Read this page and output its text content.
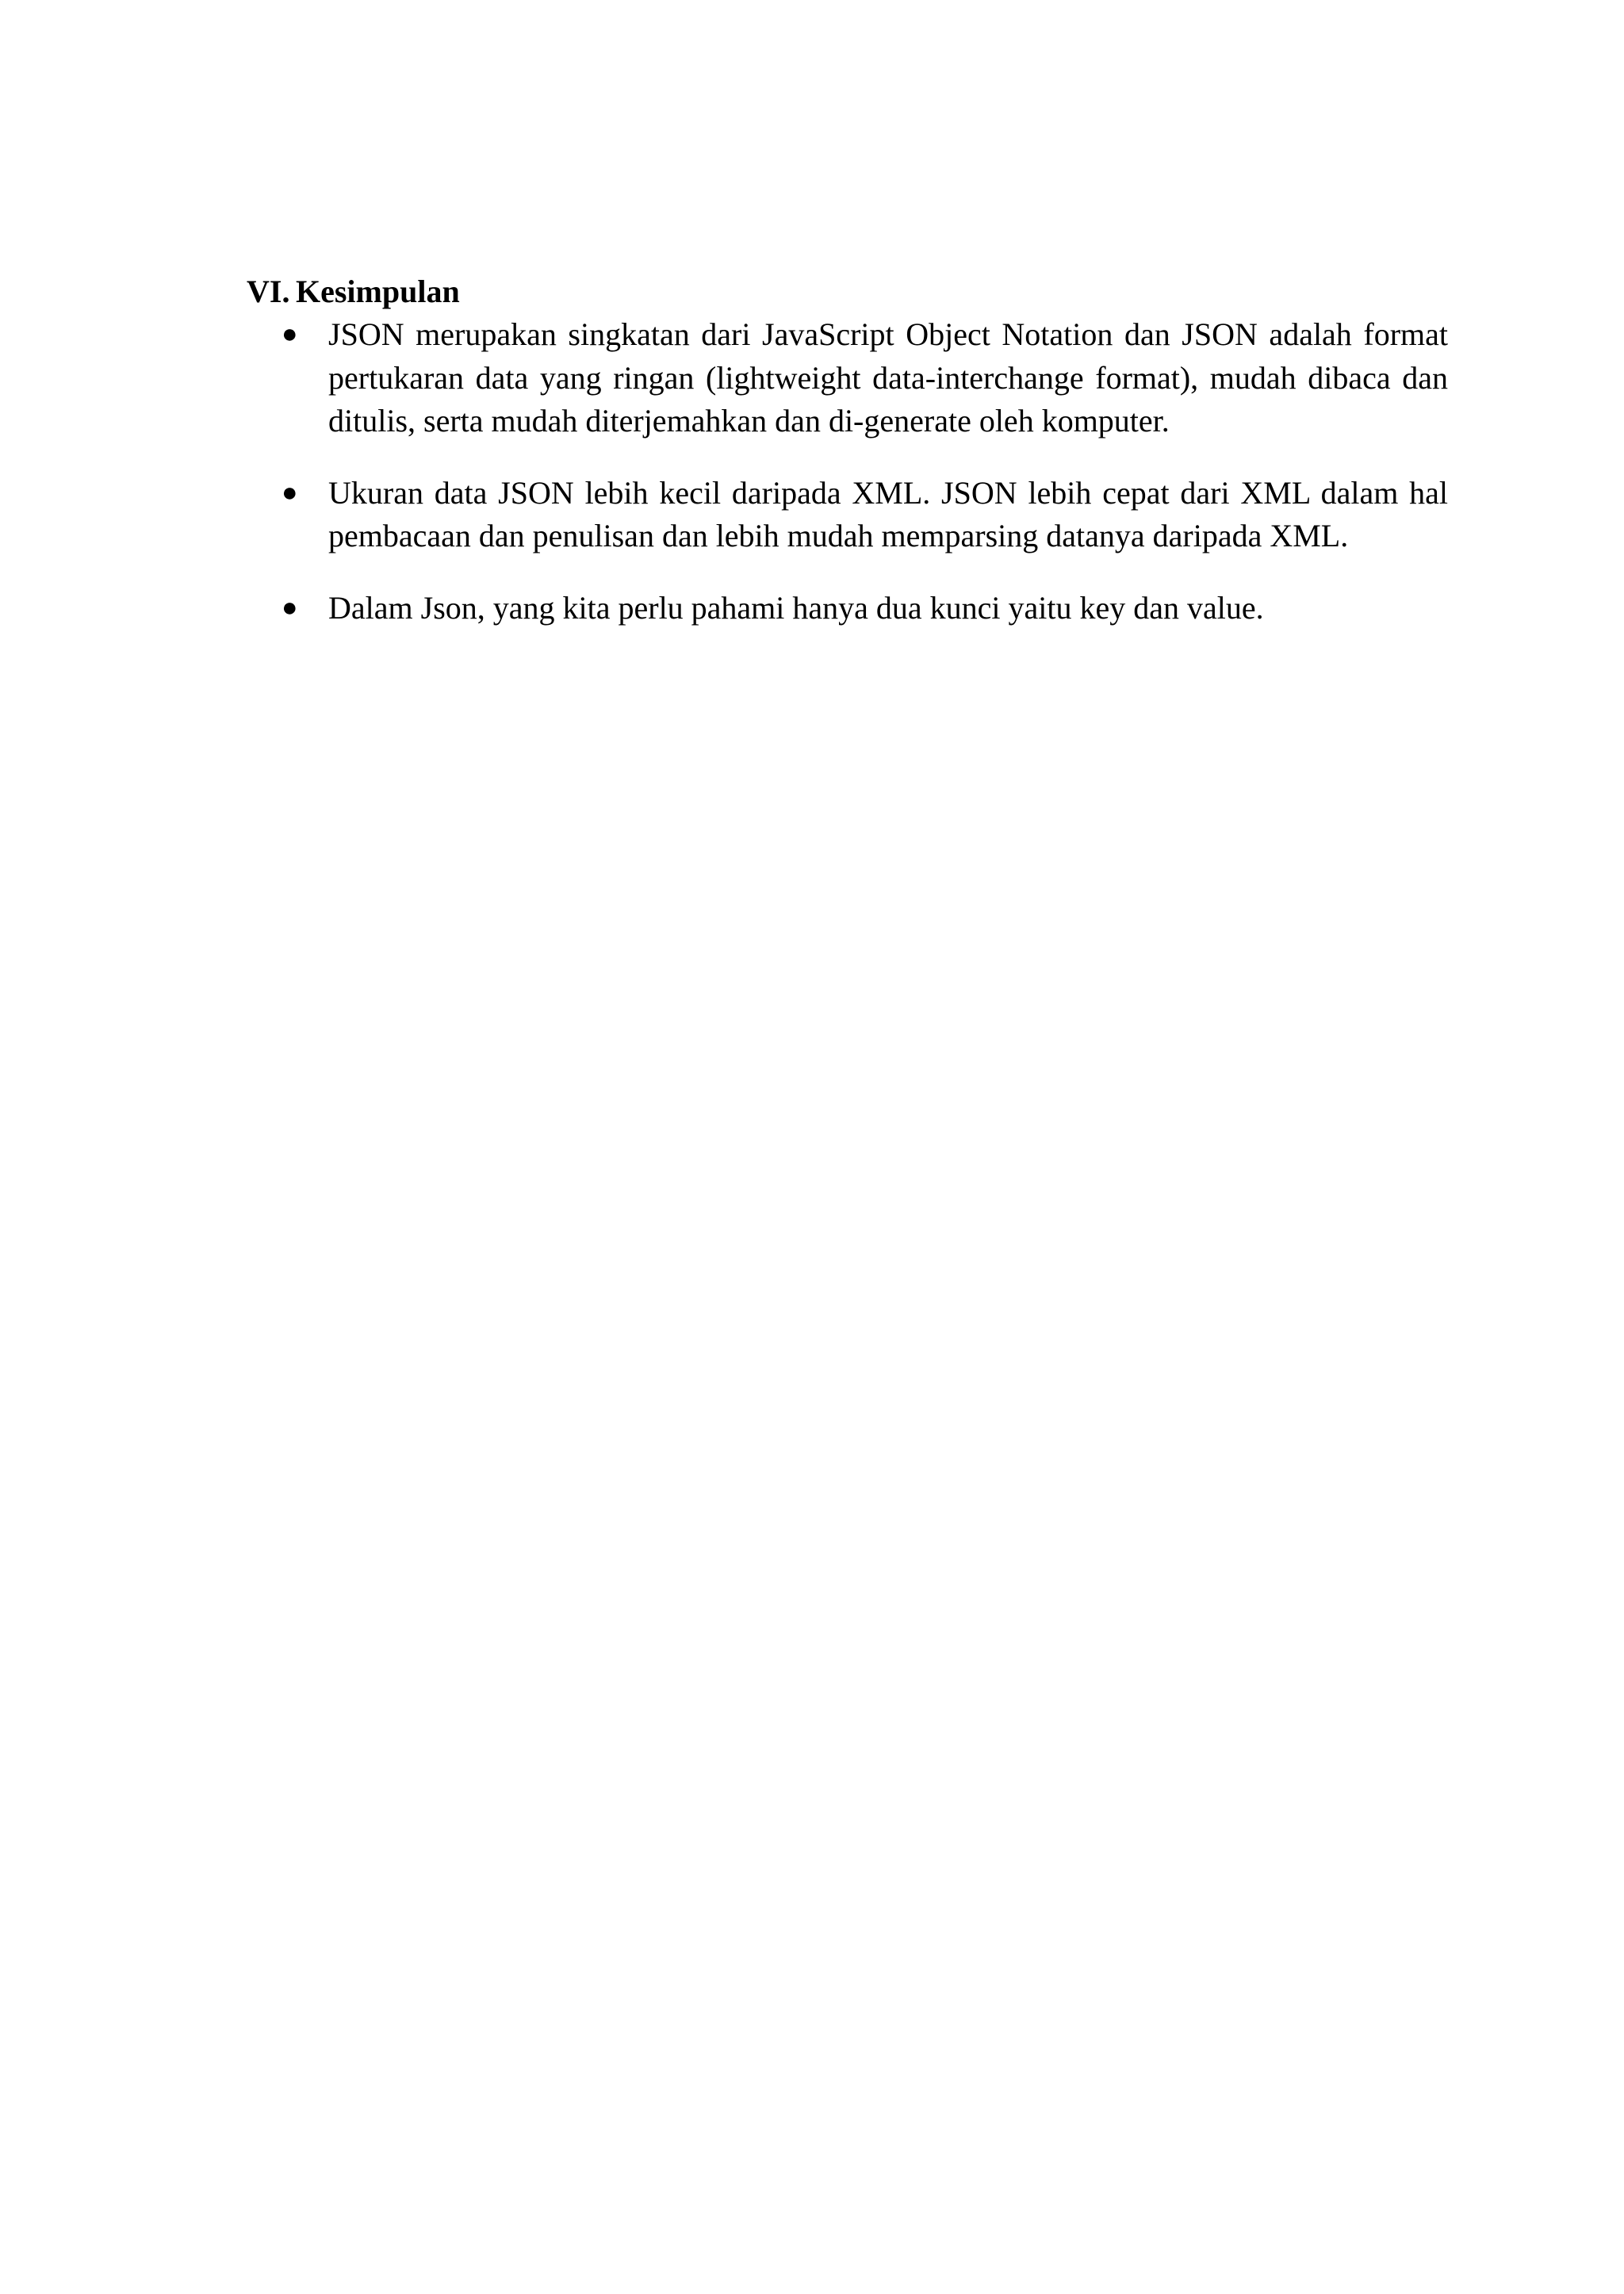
VI. Kesimpulan
● JSON merupakan singkatan dari JavaScript Object Notation dan JSON adalah format pertukaran data yang ringan (lightweight data-interchange format), mudah dibaca dan ditulis, serta mudah diterjemahkan dan di-generate oleh komputer.
● Ukuran data JSON lebih kecil daripada XML. JSON lebih cepat dari XML dalam hal pembacaan dan penulisan dan lebih mudah memparsing datanya daripada XML.
● Dalam Json, yang kita perlu pahami hanya dua kunci yaitu key dan value.
